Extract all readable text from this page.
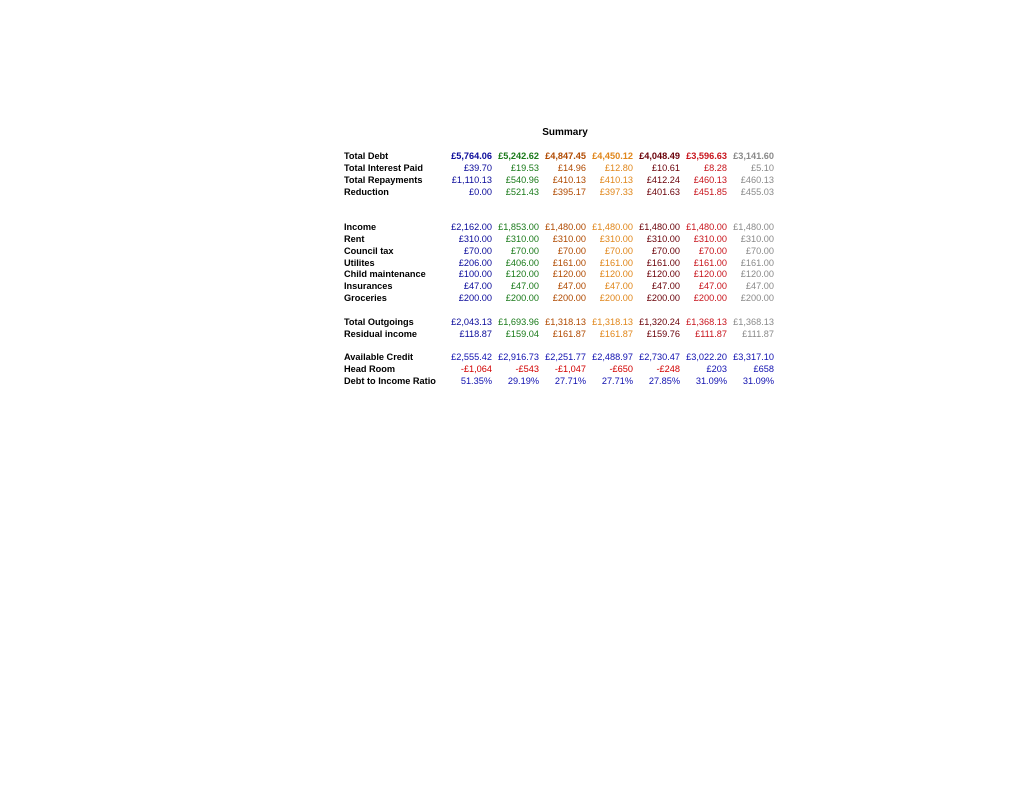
Summary
Total Debt	£5,764.06	£5,242.62	£4,847.45	£4,450.12	£4,048.49	£3,596.63	£3,141.60
Total Interest Paid	£39.70	£19.53	£14.96	£12.80	£10.61	£8.28	£5.10
Total Repayments	£1,110.13	£540.96	£410.13	£410.13	£412.24	£460.13	£460.13
Reduction	£0.00	£521.43	£395.17	£397.33	£401.63	£451.85	£455.03

Income	£2,162.00	£1,853.00	£1,480.00	£1,480.00	£1,480.00	£1,480.00	£1,480.00
Rent	£310.00	£310.00	£310.00	£310.00	£310.00	£310.00	£310.00
Council tax	£70.00	£70.00	£70.00	£70.00	£70.00	£70.00	£70.00
Utilites	£206.00	£406.00	£161.00	£161.00	£161.00	£161.00	£161.00
Child maintenance	£100.00	£120.00	£120.00	£120.00	£120.00	£120.00	£120.00
Insurances	£47.00	£47.00	£47.00	£47.00	£47.00	£47.00	£47.00
Groceries	£200.00	£200.00	£200.00	£200.00	£200.00	£200.00	£200.00

Total Outgoings	£2,043.13	£1,693.96	£1,318.13	£1,318.13	£1,320.24	£1,368.13	£1,368.13
Residual income	£118.87	£159.04	£161.87	£161.87	£159.76	£111.87	£111.87

Available Credit	£2,555.42	£2,916.73	£2,251.77	£2,488.97	£2,730.47	£3,022.20	£3,317.10
Head Room	-£1,064	-£543	-£1,047	-£650	-£248	£203	£658
Debt to Income Ratio	51.35%	29.19%	27.71%	27.71%	27.85%	31.09%	31.09%
